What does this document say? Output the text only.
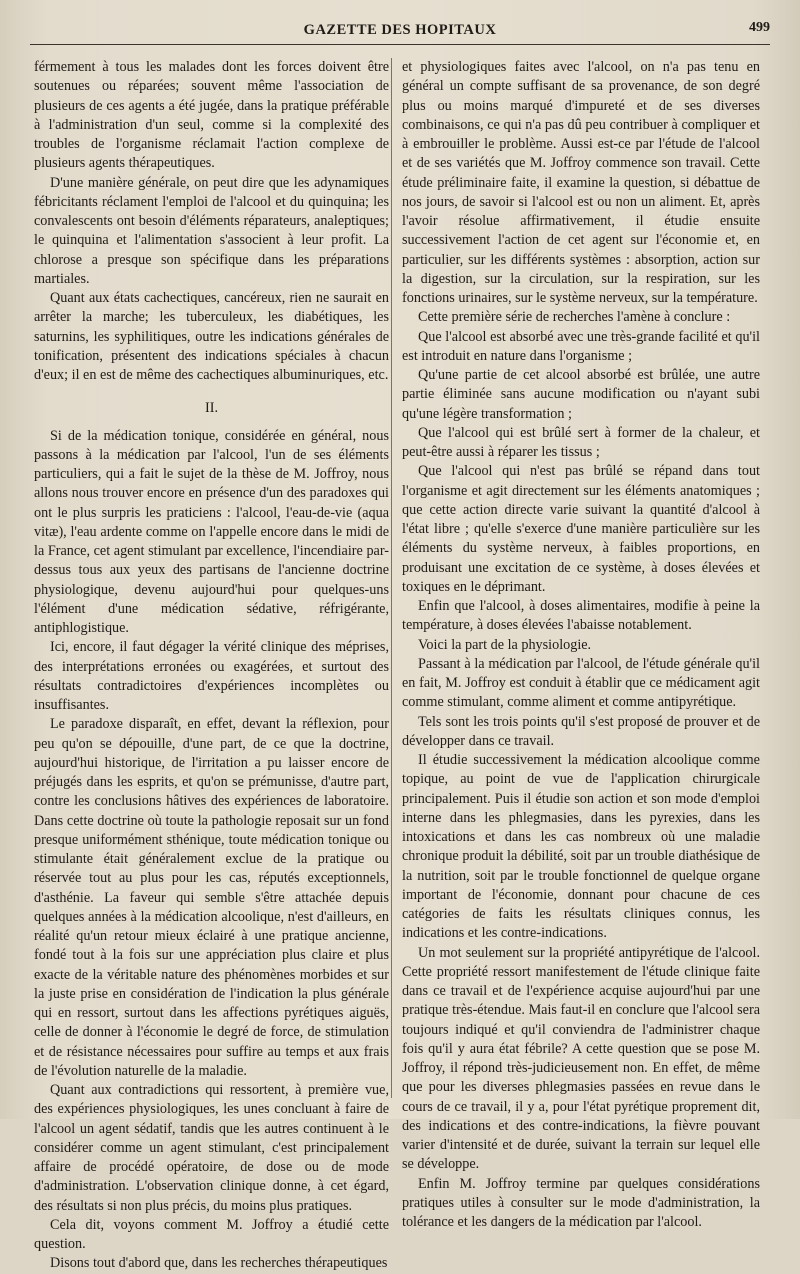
GAZETTE DES HOPITAUX	499

férmement à tous les malades dont les forces doivent être soutenues ou réparées; souvent même l'association de plusieurs de ces agents a été jugée, dans la pratique préférable à l'administration d'un seul, comme si la complexité des troubles de l'organisme réclamait l'action complexe de plusieurs agents thérapeutiques.

D'une manière générale, on peut dire que les adynamiques fébricitants réclament l'emploi de l'alcool et du quinquina; les convalescents ont besoin d'éléments réparateurs, analeptiques; le quinquina et l'alimentation s'associent à leur profit. La chlorose a presque son spécifique dans les préparations martiales.

Quant aux états cachectiques, cancéreux, rien ne saurait en arrêter la marche; les tuberculeux, les diabétiques, les saturnins, les syphilitiques, outre les indications générales de tonification, présentent des indications spéciales à chacun d'eux; il en est de même des cachectiques albuminuriques, etc.

II.

Si de la médication tonique, considérée en général, nous passons à la médication par l'alcool, l'un de ses éléments particuliers, qui a fait le sujet de la thèse de M. Joffroy, nous allons nous trouver encore en présence d'un des paradoxes qui ont le plus surpris les praticiens : l'alcool, l'eau-de-vie (aqua vitæ), l'eau ardente comme on l'appelle encore dans le midi de la France, cet agent stimulant par excellence, l'incendiaire par-dessus tous aux yeux des partisans de l'ancienne doctrine physiologique, devenu aujourd'hui pour quelques-uns l'élément d'une médication sédative, réfrigérante, antiphlogistique.

Ici, encore, il faut dégager la vérité clinique des méprises, des interprétations erronées ou exagérées, et surtout des résultats contradictoires d'expériences incomplètes ou insuffisantes.

Le paradoxe disparaît, en effet, devant la réflexion, pour peu qu'on se dépouille, d'une part, de ce que la doctrine, aujourd'hui historique, de l'irritation a pu laisser encore de préjugés dans les esprits, et qu'on se prémunisse, d'autre part, contre les conclusions hâtives des expériences de laboratoire. Dans cette doctrine où toute la pathologie reposait sur un fond presque uniformément sthénique, toute médication tonique ou stimulante était généralement exclue de la pratique ou réservée tout au plus pour les cas, réputés exceptionnels, d'asthénie. La faveur qui semble s'être attachée depuis quelques années à la médication alcoolique, n'est d'ailleurs, en réalité qu'un retour mieux éclairé à une pratique ancienne, fondé tout à la fois sur une appréciation plus claire et plus exacte de la véritable nature des phénomènes morbides et sur la juste prise en considération de l'indication la plus générale qui en ressort, surtout dans les affections pyrétiques aiguës, celle de donner à l'économie le degré de force, de stimulation et de résistance nécessaires pour suffire au temps et aux frais de l'évolution naturelle de la maladie.

Quant aux contradictions qui ressortent, à première vue, des expériences physiologiques, les unes concluant à faire de l'alcool un agent sédatif, tandis que les autres continuent à le considérer comme un agent stimulant, c'est principalement affaire de procédé opératoire, de dose ou de mode d'administration. L'observation clinique donne, à cet égard, des résultats si non plus précis, du moins plus pratiques.

Cela dit, voyons comment M. Joffroy a étudié cette question.

Disons tout d'abord que, dans les recherches thérapeutiques

et physiologiques faites avec l'alcool, on n'a pas tenu en général un compte suffisant de sa provenance, de son degré plus ou moins marqué d'impureté et de ses diverses combinaisons, ce qui n'a pas dû peu contribuer à compliquer et à embrouiller le problème. Aussi est-ce par l'étude de l'alcool et de ses variétés que M. Joffroy commence son travail. Cette étude préliminaire faite, il examine la question, si débattue de nos jours, de savoir si l'alcool est ou non un aliment. Et, après l'avoir résolue affirmativement, il étudie ensuite successivement l'action de cet agent sur l'économie et, en particulier, sur les différents systèmes : absorption, action sur la digestion, sur la circulation, sur la respiration, sur les fonctions urinaires, sur le système nerveux, sur la température.

Cette première série de recherches l'amène à conclure :

Que l'alcool est absorbé avec une très-grande facilité et qu'il est introduit en nature dans l'organisme ;

Qu'une partie de cet alcool absorbé est brûlée, une autre partie éliminée sans aucune modification ou n'ayant subi qu'une légère transformation ;

Que l'alcool qui est brûlé sert à former de la chaleur, et peut-être aussi à réparer les tissus ;

Que l'alcool qui n'est pas brûlé se répand dans tout l'organisme et agit directement sur les éléments anatomiques ; que cette action directe varie suivant la quantité d'alcool à l'état libre ; qu'elle s'exerce d'une manière particulière sur les éléments du système nerveux, à faibles proportions, en produisant une excitation de ce système, à doses élevées et toxiques en le déprimant.

Enfin que l'alcool, à doses alimentaires, modifie à peine la température, à doses élevées l'abaisse notablement.

Voici la part de la physiologie.

Passant à la médication par l'alcool, de l'étude générale qu'il en fait, M. Joffroy est conduit à établir que ce médicament agit comme stimulant, comme aliment et comme antipyrétique.

Tels sont les trois points qu'il s'est proposé de prouver et de développer dans ce travail.

Il étudie successivement la médication alcoolique comme topique, au point de vue de l'application chirurgicale principalement. Puis il étudie son action et son mode d'emploi interne dans les phlegmasies, dans les pyrexies, dans les intoxications et dans les cas nombreux où une maladie chronique produit la débilité, soit par un trouble diathésique de la nutrition, soit par le trouble fonctionnel de quelque organe important de l'économie, donnant pour chacune de ces catégories de faits les résultats cliniques connus, les indications et les contre-indications.

Un mot seulement sur la propriété antipyrétique de l'alcool. Cette propriété ressort manifestement de l'étude clinique faite dans ce travail et de l'expérience acquise aujourd'hui par une pratique très-étendue. Mais faut-il en conclure que l'alcool sera toujours indiqué et qu'il conviendra de l'administrer chaque fois qu'il y aura état fébrile? A cette question que se pose M. Joffroy, il répond très-judicieusement non. En effet, de même que pour les diverses phlegmasies passées en revue dans le cours de ce travail, il y a, pour l'état pyrétique proprement dit, des indications et des contre-indications, la fièvre pouvant varier d'intensité et de durée, suivant la terrain sur lequel elle se développe.

Enfin M. Joffroy termine par quelques considérations pratiques utiles à consulter sur le mode d'administration, la tolérance et les dangers de la médication par l'alcool.
